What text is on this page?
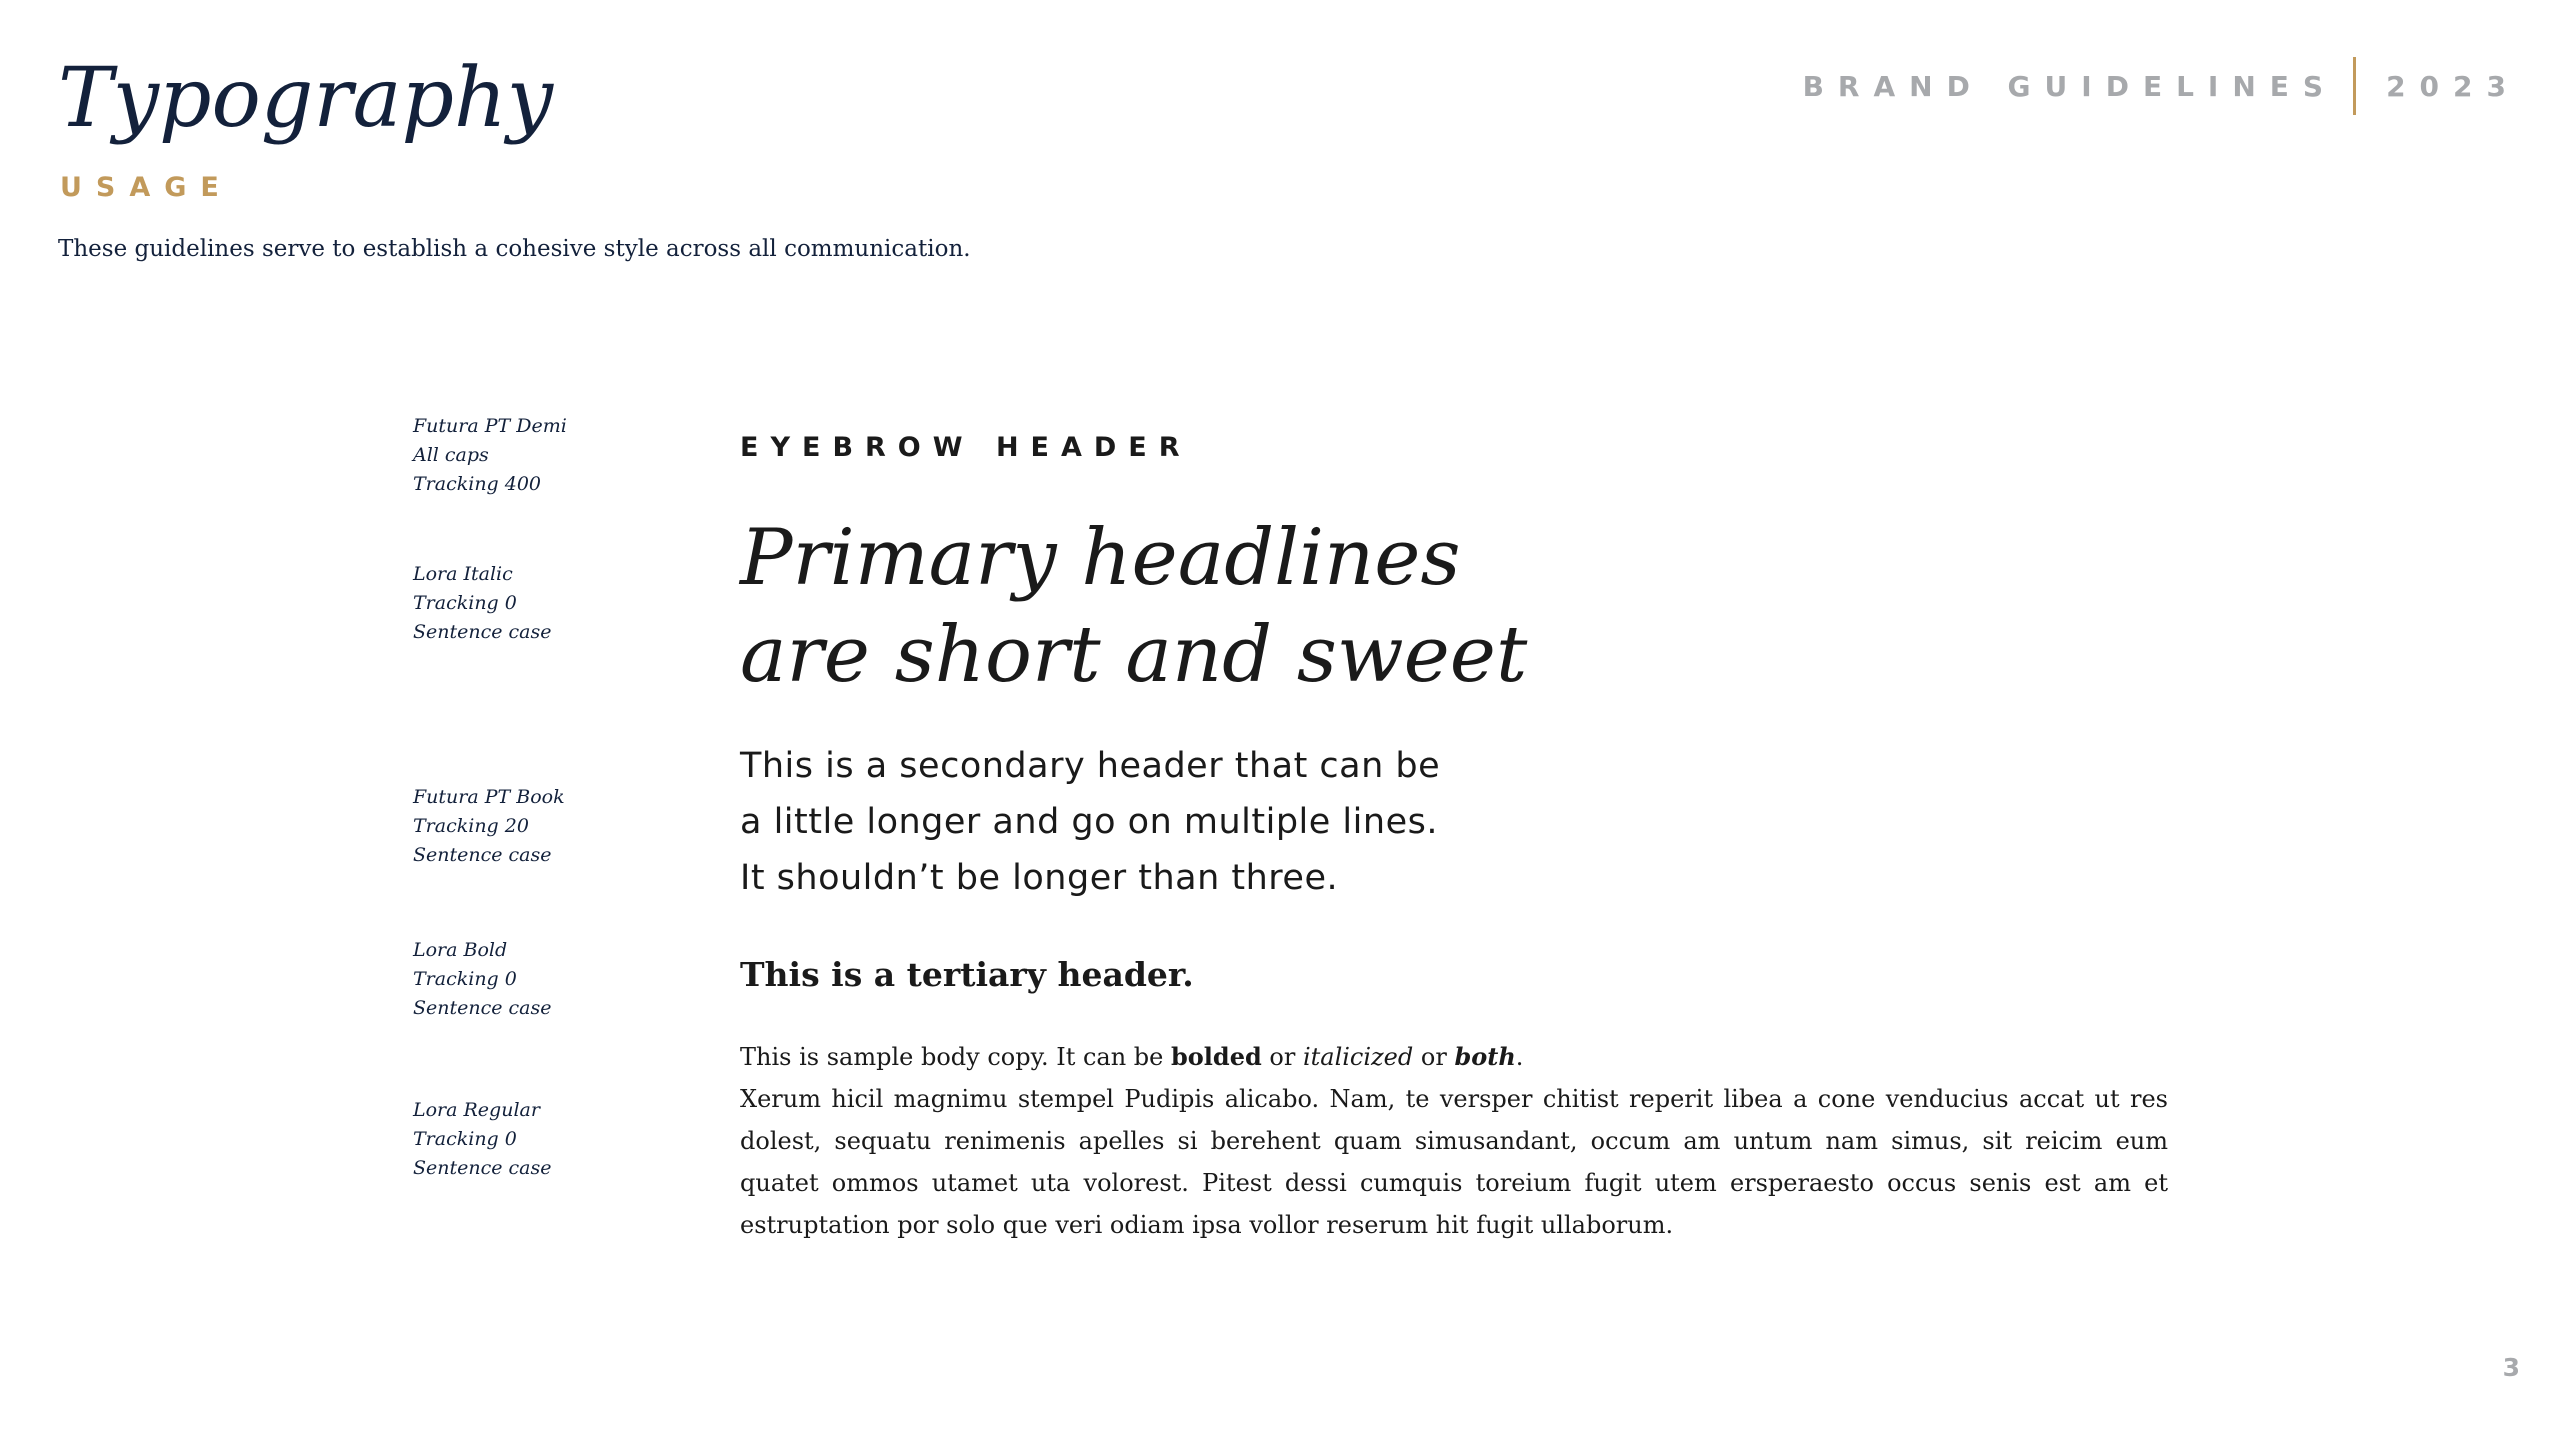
Typography
USAGE
These guidelines serve to establish a cohesive style across all communication.
BRAND GUIDELINES 2023
Futura PT Demi
All caps
Tracking 400
Lora Italic
Tracking 0
Sentence case
Futura PT Book
Tracking 20
Sentence case
Lora Bold
Tracking 0
Sentence case
Lora Regular
Tracking 0
Sentence case
EYEBROW HEADER
Primary headlines
are short and sweet
This is a secondary header that can be
a little longer and go on multiple lines.
It shouldn’t be longer than three.
This is a tertiary header.

This is sample body copy. It can be bolded or italicized or both.

Xerum hicil magnimu stempel Pudipis alicabo. Nam, te versper chitist reperit libea a cone venducius accat ut res dolest, sequatu renimenis apelles si berehent quam simusandant, occum am untum nam simus, sit reicim eum quatet ommos utamet uta volorest. Pitest dessi cumquis toreium fugit utem ersperaesto occus senis est am et estruptation por solo que veri odiam ipsa vollor reserum hit fugit ullaborum.

3
